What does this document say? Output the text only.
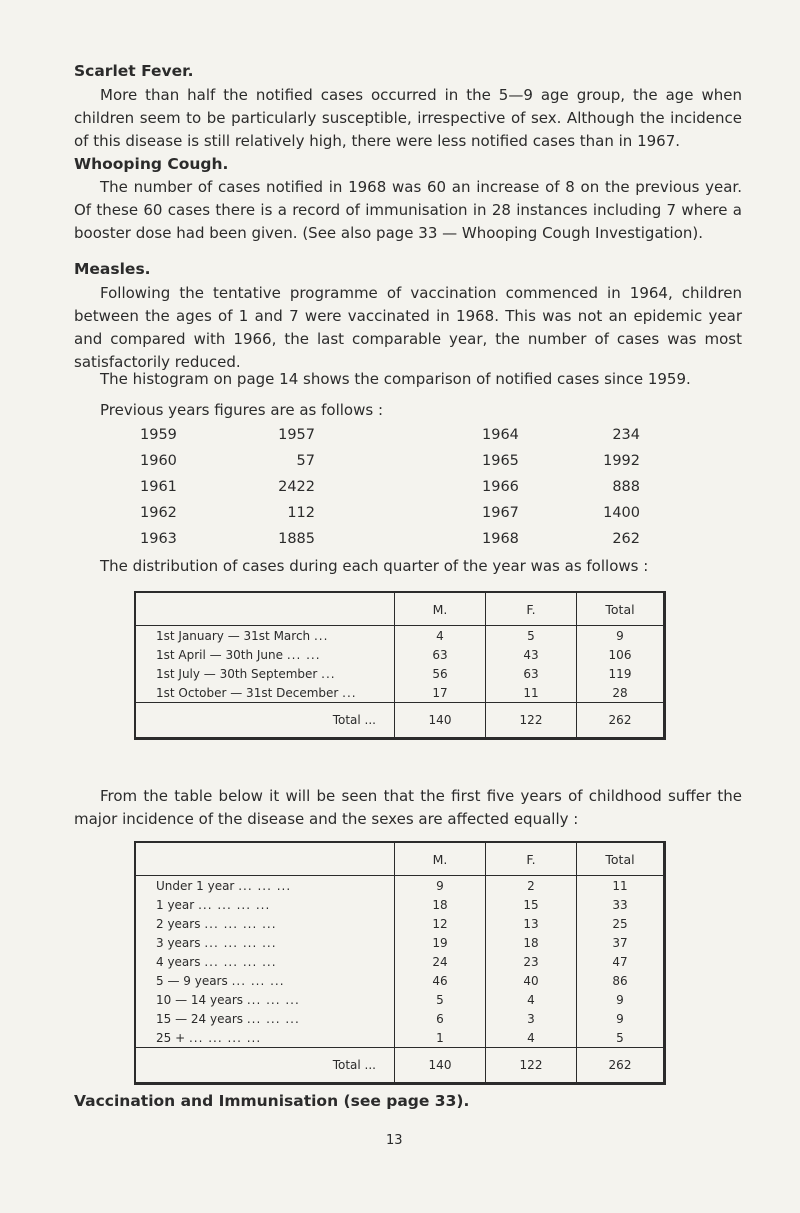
Scarlet Fever.

More than half the notified cases occurred in the 5—9 age group, the age when children seem to be particularly susceptible, irrespective of sex. Although the incidence of this disease is still relatively high, there were less notified cases than in 1967.

Whooping Cough.

The number of cases notified in 1968 was 60 an increase of 8 on the previous year. Of these 60 cases there is a record of immunisation in 28 instances including 7 where a booster dose had been given. (See also page 33 — Whooping Cough Investigation).

Measles.

Following the tentative programme of vaccination commenced in 1964, children between the ages of 1 and 7 were vaccinated in 1968. This was not an epidemic year and compared with 1966, the last comparable year, the number of cases was most satisfactorily reduced.

The histogram on page 14 shows the comparison of notified cases since 1959.

Previous years figures are as follows :

1959	1957	1964	234
1960	57	1965	1992
1961	2422	1966	888
1962	112	1967	1400
1963	1885	1968	262

The distribution of cases during each quarter of the year was as follows :

	M.	F.	Total
1st January — 31st March ...	4	5	9
1st April — 30th June ... ...	63	43	106
1st July — 30th September ...	56	63	119
1st October — 31st December ...	17	11	28
Total ...	140	122	262

From the table below it will be seen that the first five years of childhood suffer the major incidence of the disease and the sexes are affected equally :

	M.	F.	Total
Under 1 year ... ... ...	9	2	11
1 year ... ... ... ...	18	15	33
2 years ... ... ... ...	12	13	25
3 years ... ... ... ...	19	18	37
4 years ... ... ... ...	24	23	47
5 — 9 years ... ... ...	46	40	86
10 — 14 years ... ... ...	5	4	9
15 — 24 years ... ... ...	6	3	9
25 + ... ... ... ...	1	4	5
Total ...	140	122	262
Vaccination and Immunisation (see page 33).
13
